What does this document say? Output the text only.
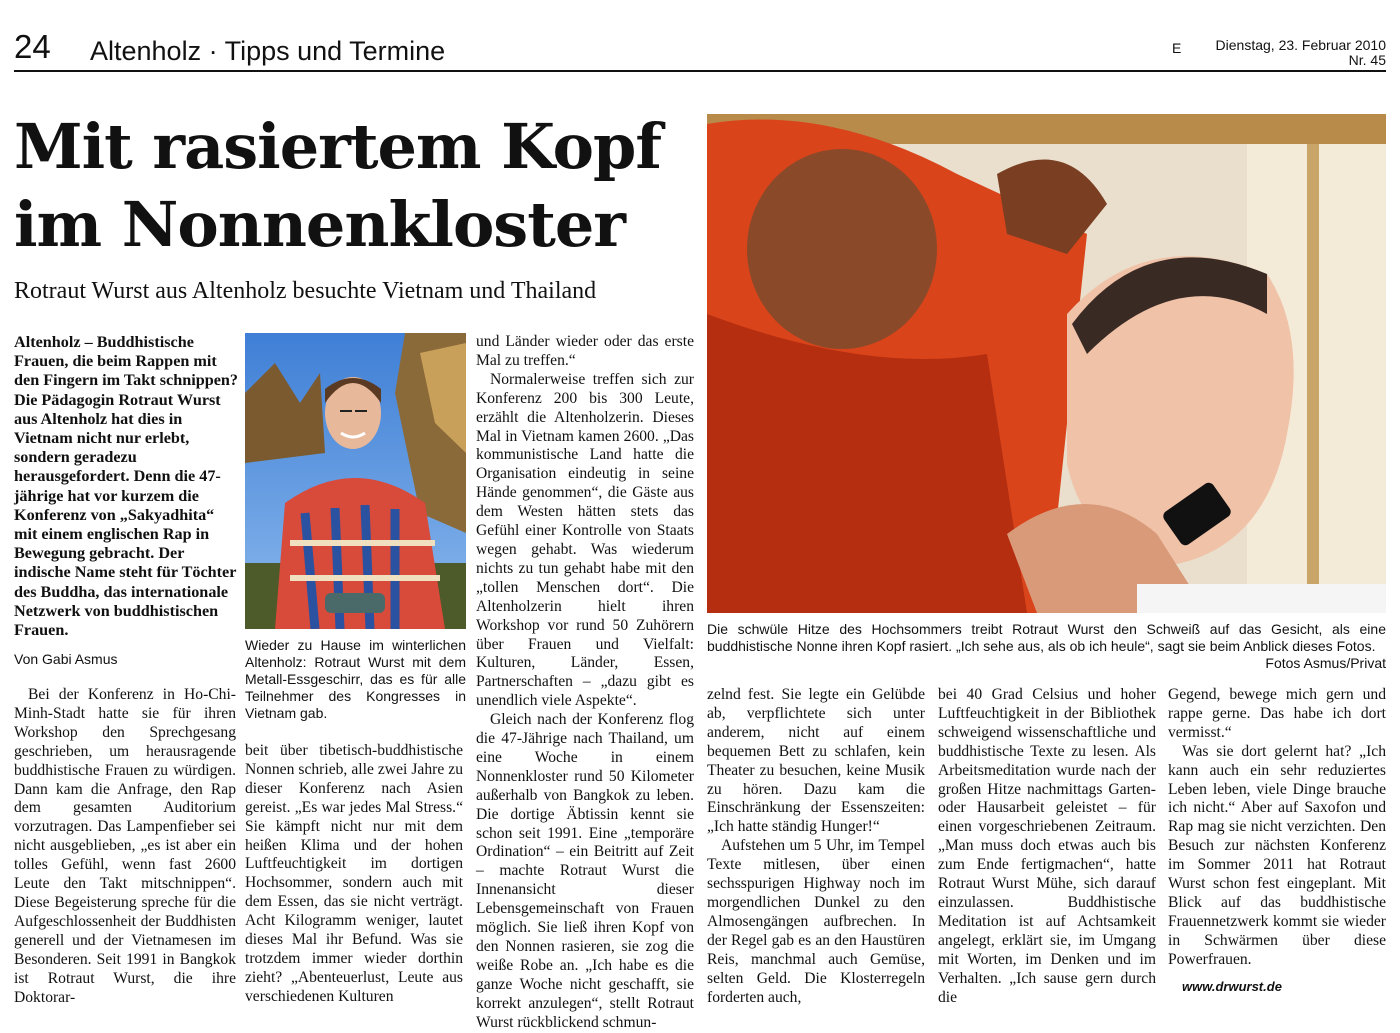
24 Altenholz · Tipps und Termine	E Dienstag, 23. Februar 2010
Nr. 45
Mit rasiertem Kopf
im Nonnenkloster
Rotraut Wurst aus Altenholz besuchte Vietnam und Thailand
Altenholz – Buddhistische Frauen, die beim Rappen mit den Fingern im Takt schnippen? Die Pädagogin Rotraut Wurst aus Altenholz hat dies in Vietnam nicht nur erlebt, sondern geradezu herausgefordert. Denn die 47-jährige hat vor kurzem die Konferenz von „Sakyadhita“ mit einem englischen Rap in Bewegung gebracht. Der indische Name steht für Töchter des Buddha, das internationale Netzwerk von buddhistischen Frauen.
Von Gabi Asmus
Wieder zu Hause im winterlichen Altenholz: Rotraut Wurst mit dem Metall-Essgeschirr, das es für alle Teilnehmer des Kongresses in Vietnam gab.
Die schwüle Hitze des Hochsommers treibt Rotraut Wurst den Schweiß auf das Gesicht, als eine buddhistische Nonne ihren Kopf rasiert. „Ich sehe aus, als ob ich heule“, sagt sie beim Anblick dieses Fotos.
Fotos Asmus/Privat

Bei der Konferenz in Ho-Chi-Minh-Stadt hatte sie für ihren Workshop den Sprechgesang geschrieben, um herausragende buddhistische Frauen zu würdigen. Dann kam die Anfrage, den Rap dem gesamten Auditorium vorzutragen. Das Lampenfieber sei nicht ausgeblieben, „es ist aber ein tolles Gefühl, wenn fast 2600 Leute den Takt mitschnippen“. Diese Begeisterung spreche für die Aufgeschlossenheit der Buddhisten generell und der Vietnamesen im Besonderen. Seit 1991 in Bangkok ist Rotraut Wurst, die ihre Doktorar-

beit über tibetisch-buddhistische Nonnen schrieb, alle zwei Jahre zu dieser Konferenz nach Asien gereist. „Es war jedes Mal Stress.“ Sie kämpft nicht nur mit dem heißen Klima und der hohen Luftfeuchtigkeit im dortigen Hochsommer, sondern auch mit dem Essen, das sie nicht verträgt. Acht Kilogramm weniger, lautet dieses Mal ihr Befund. Was sie trotzdem immer wieder dorthin zieht? „Abenteuerlust, Leute aus verschiedenen Kulturen

und Länder wieder oder das erste Mal zu treffen.“

Normalerweise treffen sich zur Konferenz 200 bis 300 Leute, erzählt die Altenholzerin. Dieses Mal in Vietnam kamen 2600. „Das kommunistische Land hatte die Organisation eindeutig in seine Hände genommen“, die Gäste aus dem Westen hätten stets das Gefühl einer Kontrolle von Staats wegen gehabt. Was wiederum nichts zu tun gehabt habe mit den „tollen Menschen dort“. Die Altenholzerin hielt ihren Workshop vor rund 50 Zuhörern über Frauen und Vielfalt: Kulturen, Länder, Essen, Partnerschaften – „dazu gibt es unendlich viele Aspekte“.

Gleich nach der Konferenz flog die 47-Jährige nach Thailand, um eine Woche in einem Nonnenkloster rund 50 Kilometer außerhalb von Bangkok zu leben. Die dortige Äbtissin kennt sie schon seit 1991. Eine „temporäre Ordination“ – ein Beitritt auf Zeit – machte Rotraut Wurst die Innenansicht dieser Lebensgemeinschaft von Frauen möglich. Sie ließ ihren Kopf von den Nonnen rasieren, sie zog die weiße Robe an. „Ich habe es die ganze Woche nicht geschafft, sie korrekt anzulegen“, stellt Rotraut Wurst rückblickend schmun-

zelnd fest. Sie legte ein Gelübde ab, verpflichtete sich unter anderem, nicht auf einem bequemen Bett zu schlafen, kein Theater zu besuchen, keine Musik zu hören. Dazu kam die Einschränkung der Essenszeiten: „Ich hatte ständig Hunger!“

Aufstehen um 5 Uhr, im Tempel Texte mitlesen, über einen sechsspurigen Highway noch im morgendlichen Dunkel zu den Almosengängen aufbrechen. In der Regel gab es an den Haustüren Reis, manchmal auch Gemüse, selten Geld. Die Klosterregeln forderten auch,

bei 40 Grad Celsius und hoher Luftfeuchtigkeit in der Bibliothek schweigend wissenschaftliche und buddhistische Texte zu lesen. Als Arbeitsmeditation wurde nach der großen Hitze nachmittags Garten- oder Hausarbeit geleistet – für einen vorgeschriebenen Zeitraum. „Man muss doch etwas auch bis zum Ende fertigmachen“, hatte Rotraut Wurst Mühe, sich darauf einzulassen. Buddhistische Meditation ist auf Achtsamkeit angelegt, erklärt sie, im Umgang mit Worten, im Denken und im Verhalten. „Ich sause gern durch die

Gegend, bewege mich gern und rappe gerne. Das habe ich dort vermisst.“

Was sie dort gelernt hat? „Ich kann auch ein sehr reduziertes Leben leben, viele Dinge brauche ich nicht.“ Aber auf Saxofon und Rap mag sie nicht verzichten. Den Besuch zur nächsten Konferenz im Sommer 2011 hat Rotraut Wurst schon fest eingeplant. Mit Blick auf das buddhistische Frauennetzwerk kommt sie wieder in Schwärmen über diese Powerfrauen.

www.drwurst.de
